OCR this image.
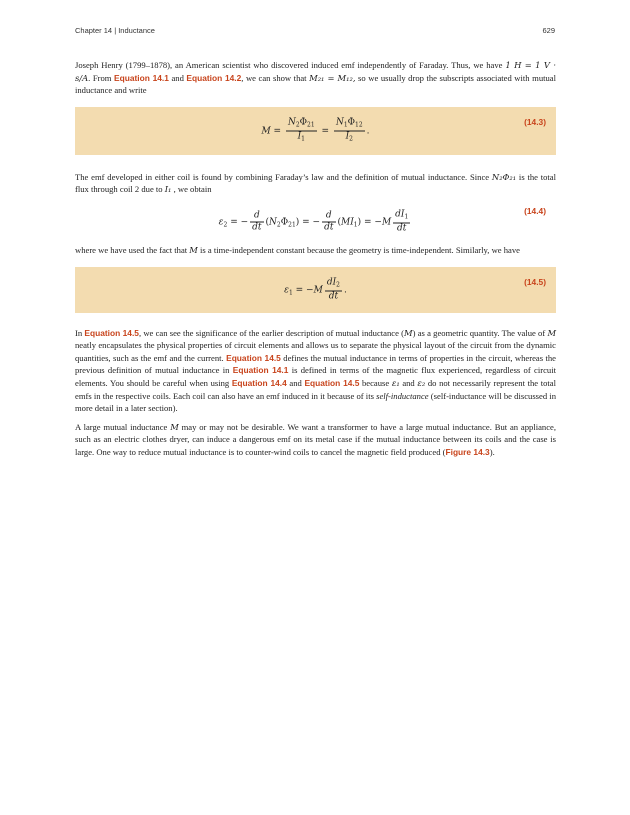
Chapter 14 | Inductance	629

Joseph Henry (1799–1878), an American scientist who discovered induced emf independently of Faraday. Thus, we have 1 H = 1 V · s/A. From Equation 14.1 and Equation 14.2, we can show that M₂₁ = M₁₂, so we usually drop the subscripts associated with mutual inductance and write

$M = \frac{N_2\Phi_{21}}{I_1} = \frac{N_1\Phi_{12}}{I_2}$ .
(14.3)

The emf developed in either coil is found by combining Faraday’s law and the definition of mutual inductance. Since N₂Φ₂₁ is the total flux through coil 2 due to I₁ , we obtain

$\varepsilon_2$ = − $\frac{d}{dt} (N_2\Phi_{21})$ = − $\frac{d}{dt} (MI_1) = -M \frac{dI_1}{dt}$	(14.4)

where we have used the fact that M is a time-independent constant because the geometry is time-independent. Similarly, we have

$\varepsilon_1 = -M \frac{dI_2}{dt}$ .
(14.5)

In Equation 14.5, we can see the significance of the earlier description of mutual inductance (M) as a geometric quantity. The value of M neatly encapsulates the physical properties of circuit elements and allows us to separate the physical layout of the circuit from the dynamic quantities, such as the emf and the current. Equation 14.5 defines the mutual inductance in terms of properties in the circuit, whereas the previous definition of mutual inductance in Equation 14.1 is defined in terms of the magnetic flux experienced, regardless of circuit elements. You should be careful when using Equation 14.4 and Equation 14.5 because ε₁ and ε₂ do not necessarily represent the total emfs in the respective coils. Each coil can also have an emf induced in it because of its self-inductance (self-inductance will be discussed in more detail in a later section).

A large mutual inductance M may or may not be desirable. We want a transformer to have a large mutual inductance. But an appliance, such as an electric clothes dryer, can induce a dangerous emf on its metal case if the mutual inductance between its coils and the case is large. One way to reduce mutual inductance is to counter-wind coils to cancel the magnetic field produced (Figure 14.3).
